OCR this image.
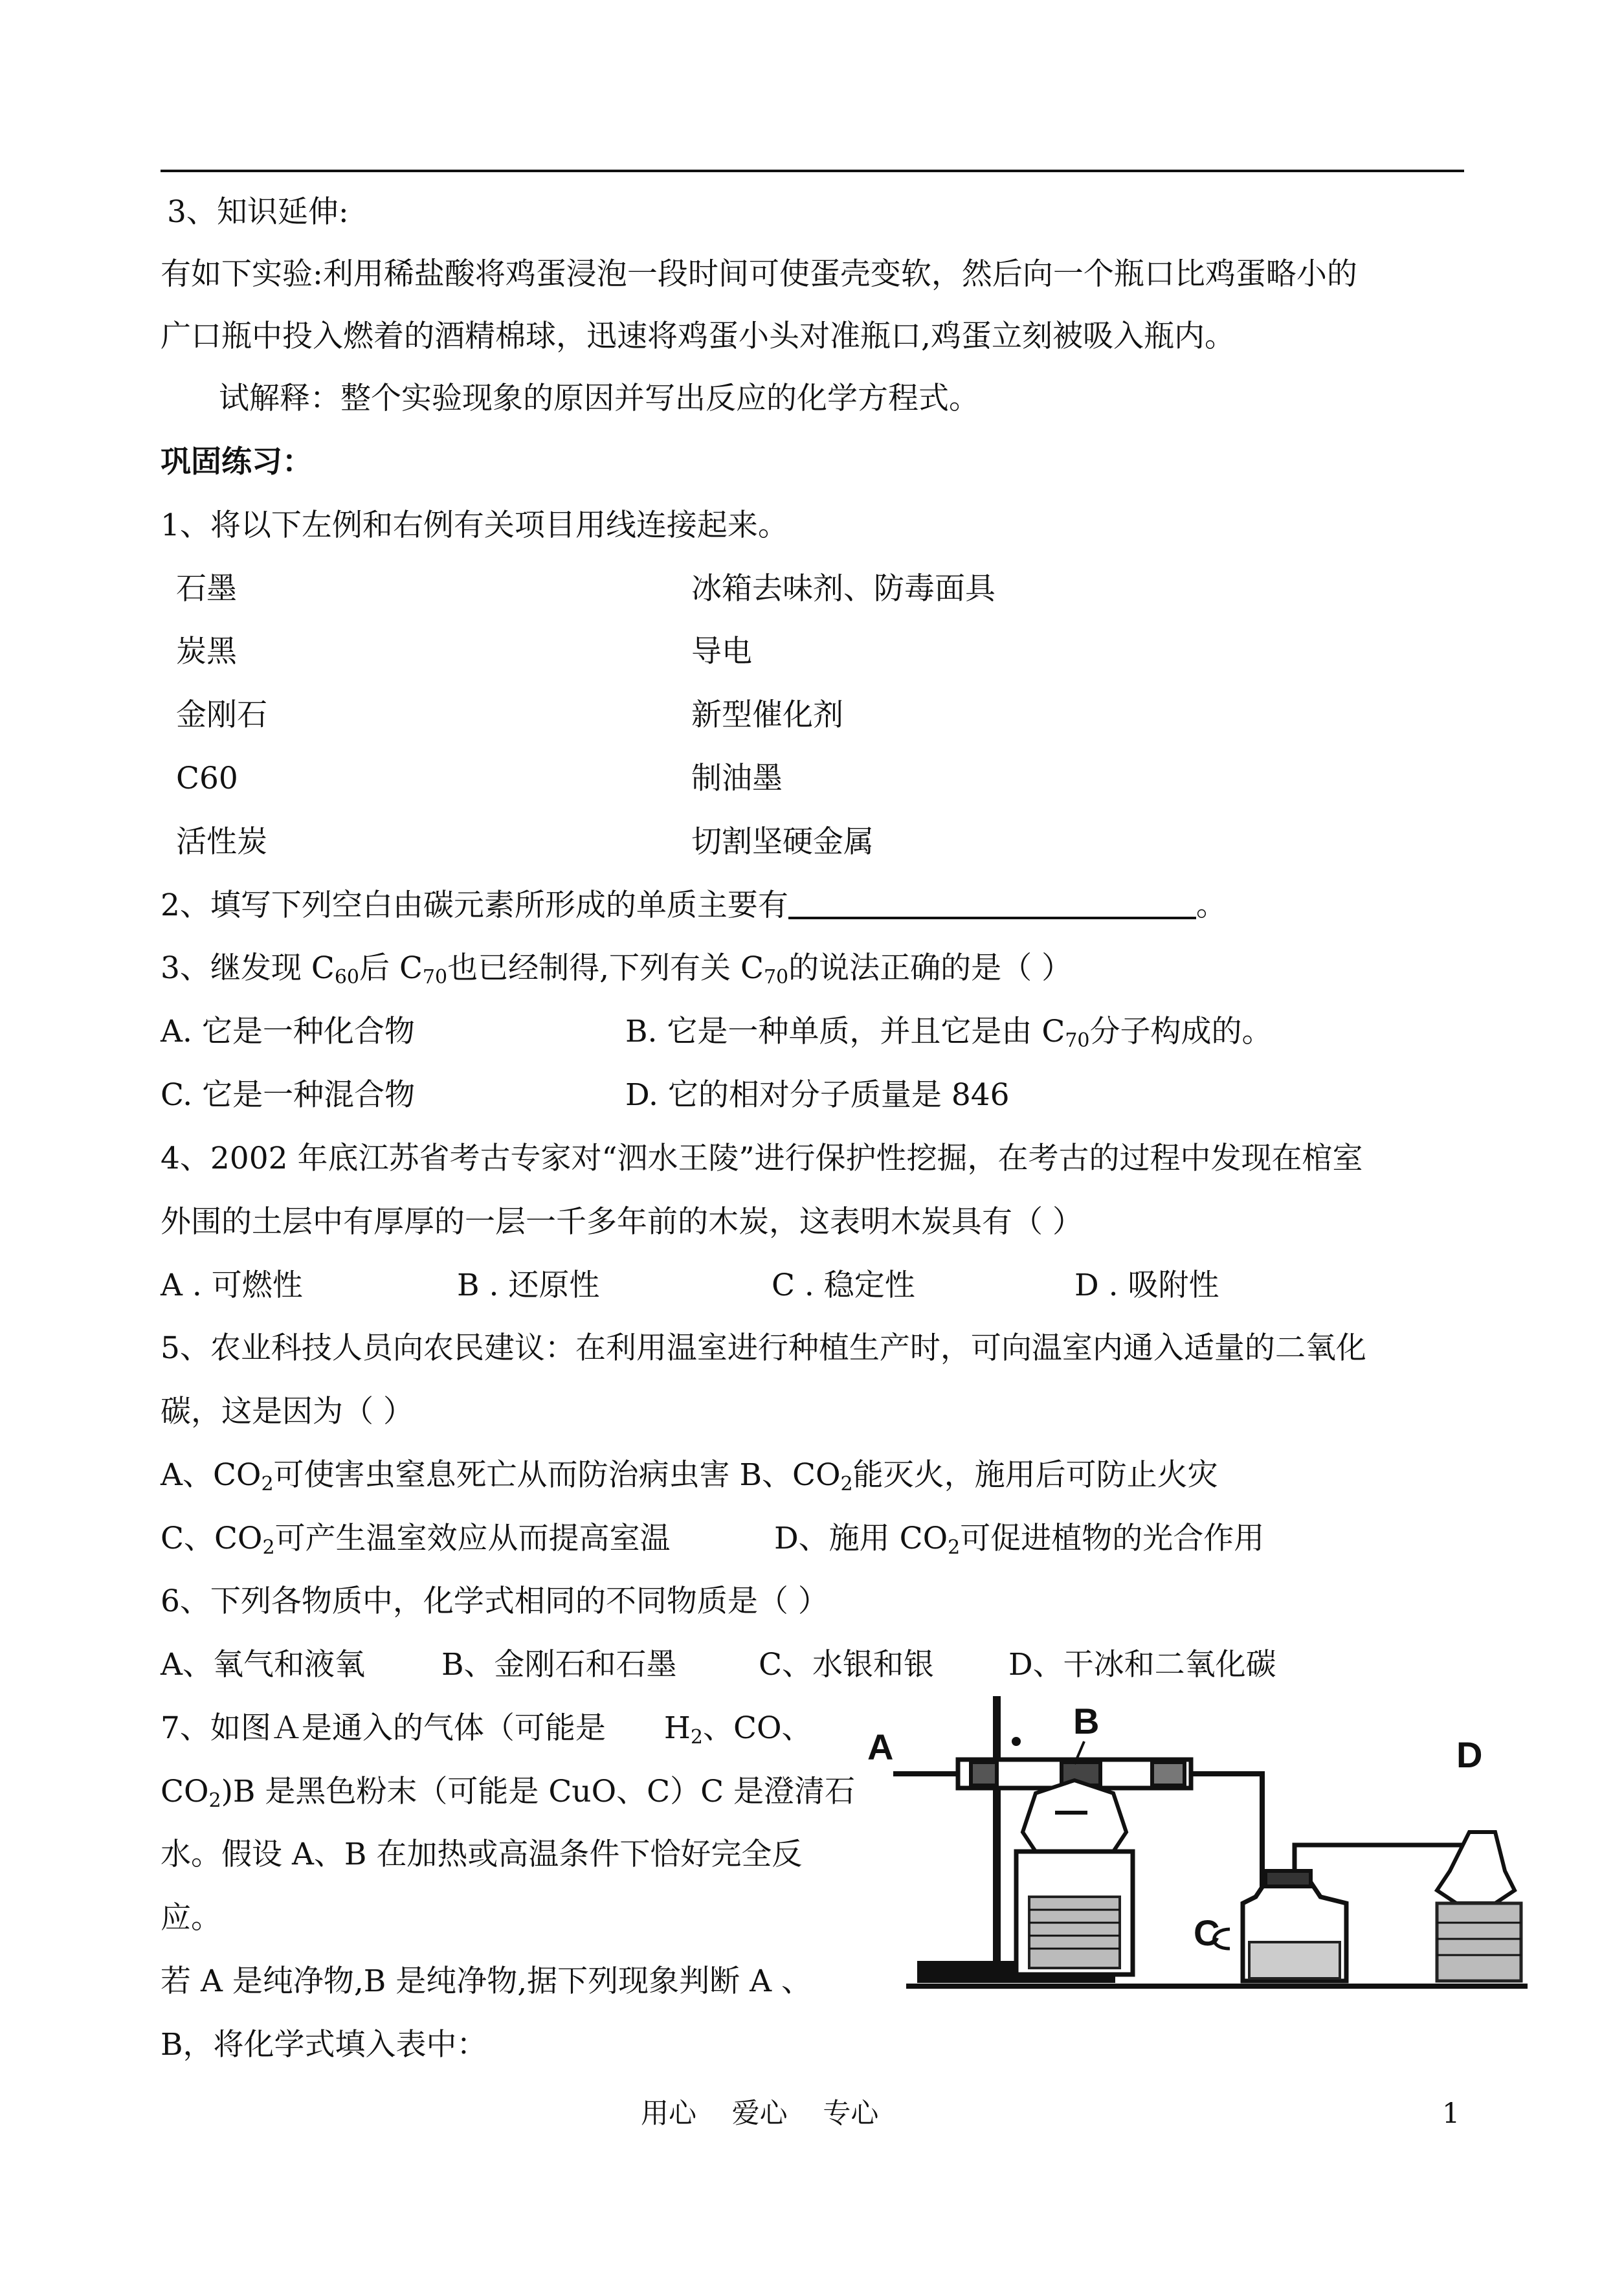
3、知识延伸:
有如下实验:利用稀盐酸将鸡蛋浸泡一段时间可使蛋壳变软，然后向一个瓶口比鸡蛋略小的
广口瓶中投入燃着的酒精棉球，迅速将鸡蛋小头对准瓶口,鸡蛋立刻被吸入瓶内。
试解释：整个实验现象的原因并写出反应的化学方程式。
巩固练习：
1、将以下左例和右例有关项目用线连接起来。
石墨	冰箱去味剂、防毒面具
炭黑	导电
金刚石	新型催化剂
C60	制油墨
活性炭	切割坚硬金属
2、填写下列空白由碳元素所形成的单质主要有	。
3、继发现 $C_{60}$后 $C_{70}$也已经制得,下列有关 $C_{70}$的说法正确的是（ ）
A. 它是一种化合物	B. 它是一种单质，并且它是由 $C_{70}$分子构成的。
C. 它是一种混合物	D. 它的相对分子质量是 846
4、2002 年底江苏省考古专家对“泗水王陵”进行保护性挖掘，在考古的过程中发现在棺室
外围的土层中有厚厚的一层一千多年前的木炭，这表明木炭具有（ ）
A . 可燃性	B . 还原性	C . 稳定性	D . 吸附性
5、农业科技人员向农民建议：在利用温室进行种植生产时，可向温室内通入适量的二氧化
碳，这是因为（ ）
A、$CO_2$可使害虫窒息死亡从而防治病虫害 B、$CO_2$能灭火，施用后可防止火灾
C、$CO_2$可产生温室效应从而提高室温	D、施用 $CO_2$可促进植物的光合作用
6、下列各物质中，化学式相同的不同物质是（ ）
A、氧气和液氧	B、金刚石和石墨	C、水银和银 D、干冰和二氧化碳
7、如图Ａ是通入的气体（可能是 $H_2$、CO、
$CO_2)B$ 是黑色粉末（可能是 CuO、C）C 是澄清石
水。假设 A、B 在加热或高温条件下恰好完全反
应。
若 A 是纯净物,B 是纯净物,据下列现象判断 A 、
B，将化学式填入表中：
A
B
C
D
用心    爱心    专心	1
